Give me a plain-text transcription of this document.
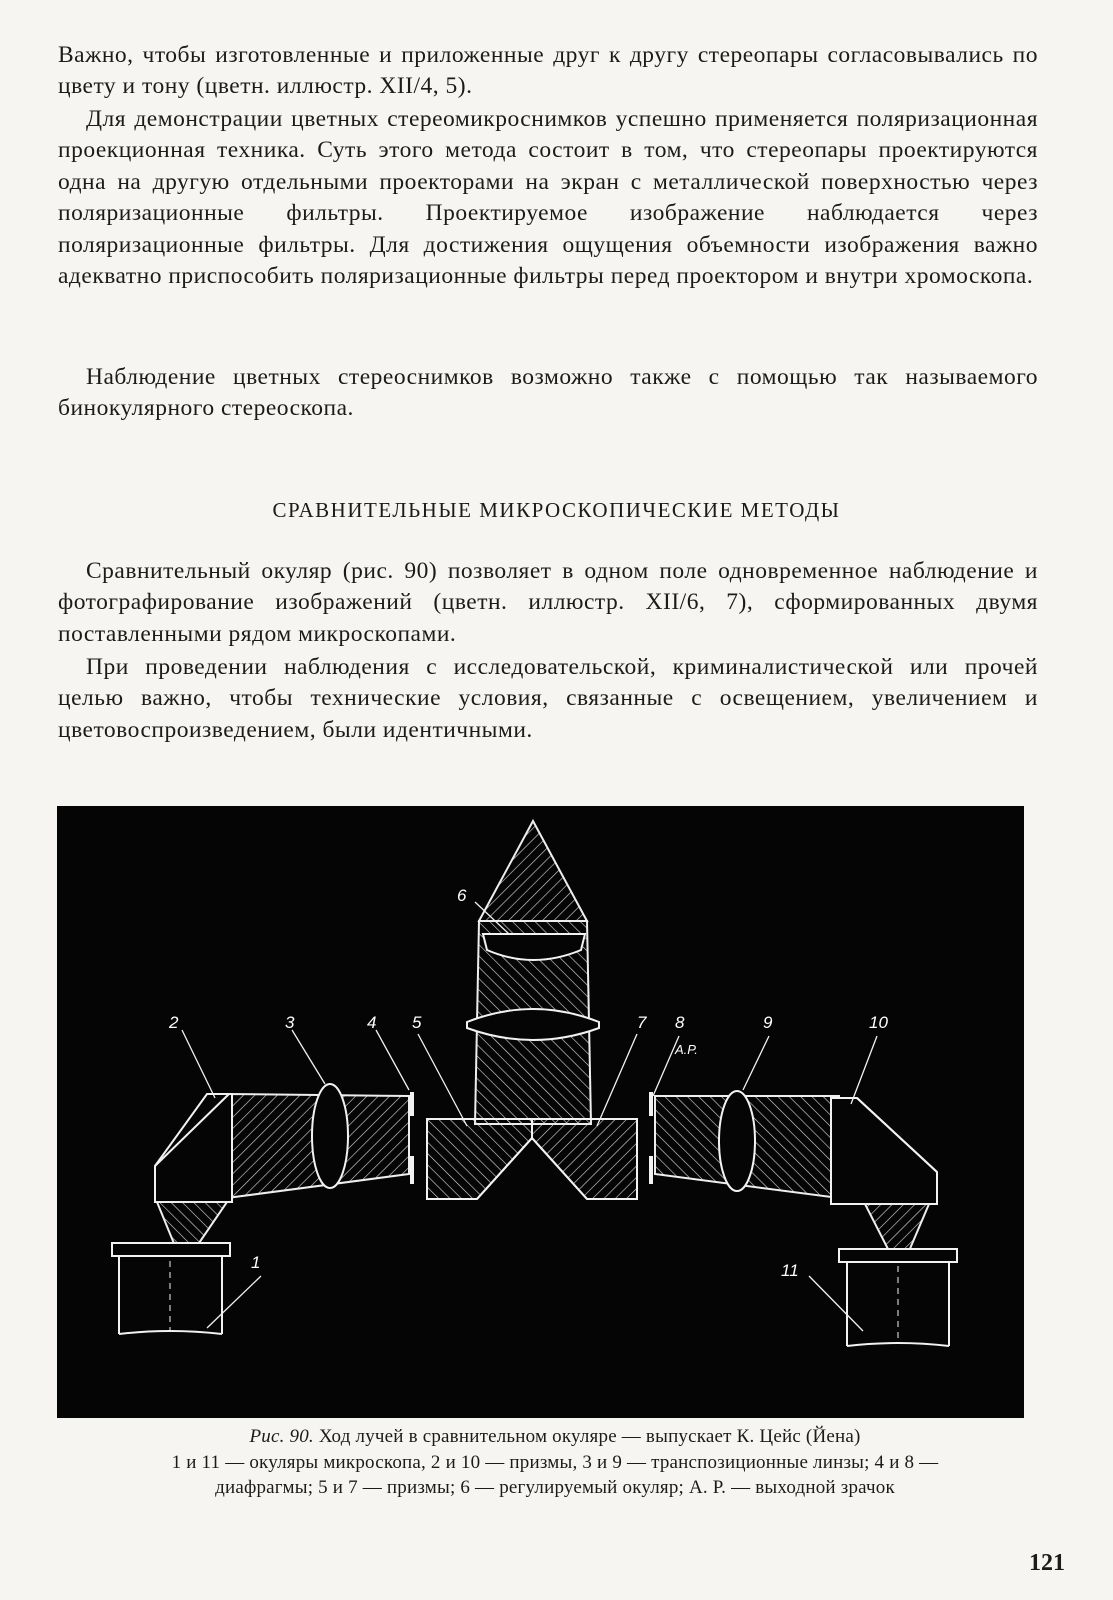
Важно, чтобы изготовленные и приложенные друг к другу стереопары согласовывались по цвету и тону (цветн. иллюстр. XII/4, 5).

Для демонстрации цветных стереомикроснимков успешно применяется поляризационная проекционная техника. Суть этого метода состоит в том, что стереопары проектируются одна на другую отдельными проекторами на экран с металлической поверхностью через поляризационные фильтры. Проектируемое изображение наблюдается через поляризационные фильтры. Для достижения ощущения объемности изображения важно адекватно приспособить поляризационные фильтры перед проектором и внутри хромоскопа.

Наблюдение цветных стереоснимков возможно также с помощью так называемого бинокулярного стереоскопа.

СРАВНИТЕЛЬНЫЕ МИКРОСКОПИЧЕСКИЕ МЕТОДЫ

Сравнительный окуляр (рис. 90) позволяет в одном поле одновременное наблюдение и фотографирование изображений (цветн. иллюстр. XII/6, 7), сформированных двумя поставленными рядом микроскопами.

При проведении наблюдения с исследовательской, криминалистической или прочей целью важно, чтобы технические условия, связанные с освещением, увеличением и цветовоспроизведением, были идентичными.

2	3	4 5
6
7 8
A.P.
9	10
1	11
Рис. 90. Ход лучей в сравнительном окуляре — выпускает К. Цейс (Йена)
1 и 11 — окуляры микроскопа, 2 и 10 — призмы, 3 и 9 — транспозиционные линзы; 4 и 8 —
диафрагмы; 5 и 7 — призмы; 6 — регулируемый окуляр; А. Р. — выходной зрачок
121
